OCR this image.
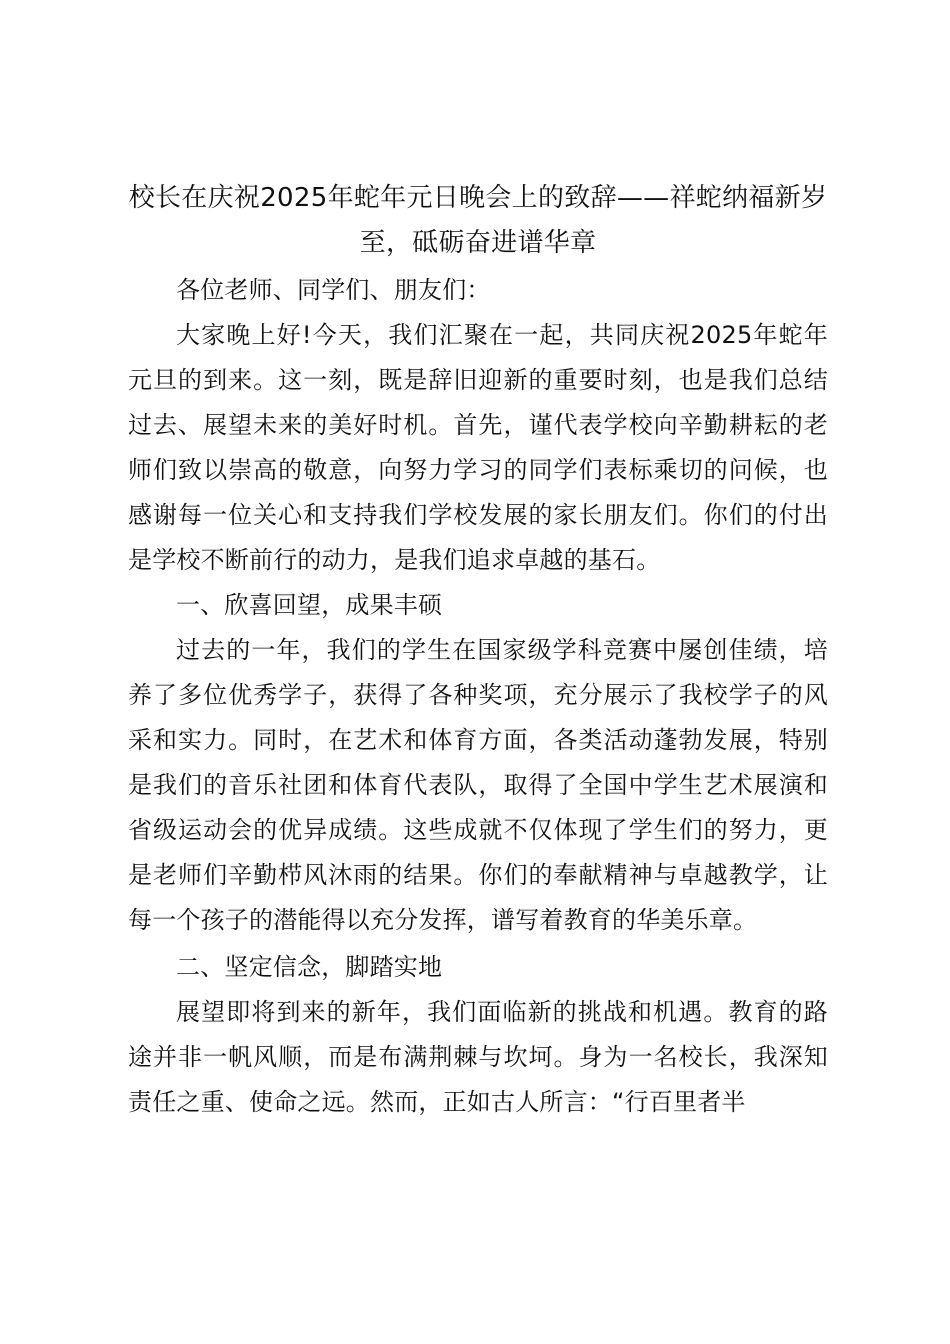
校长在庆祝2025年蛇年元日晚会上的致辞——祥蛇纳福新岁至，砥砺奋进谱华章

各位老师、同学们、朋友们：

大家晚上好!今天，我们汇聚在一起，共同庆祝2025年蛇年元旦的到来。这一刻，既是辞旧迎新的重要时刻，也是我们总结过去、展望未来的美好时机。首先，谨代表学校向辛勤耕耘的老师们致以崇高的敬意，向努力学习的同学们表标乘切的问候，也感谢每一位关心和支持我们学校发展的家长朋友们。你们的付出是学校不断前行的动力，是我们追求卓越的基石。

一、欣喜回望，成果丰硕

过去的一年，我们的学生在国家级学科竞赛中屡创佳绩，培养了多位优秀学子，获得了各种奖项，充分展示了我校学子的风采和实力。同时，在艺术和体育方面，各类活动蓬勃发展，特别是我们的音乐社团和体育代表队，取得了全国中学生艺术展演和省级运动会的优异成绩。这些成就不仅体现了学生们的努力，更是老师们辛勤栉风沐雨的结果。你们的奉献精神与卓越教学，让每一个孩子的潜能得以充分发挥，谱写着教育的华美乐章。

二、坚定信念，脚踏实地

展望即将到来的新年，我们面临新的挑战和机遇。教育的路途并非一帆风顺，而是布满荆棘与坎坷。身为一名校长，我深知责任之重、使命之远。然而，正如古人所言：“行百里者半
